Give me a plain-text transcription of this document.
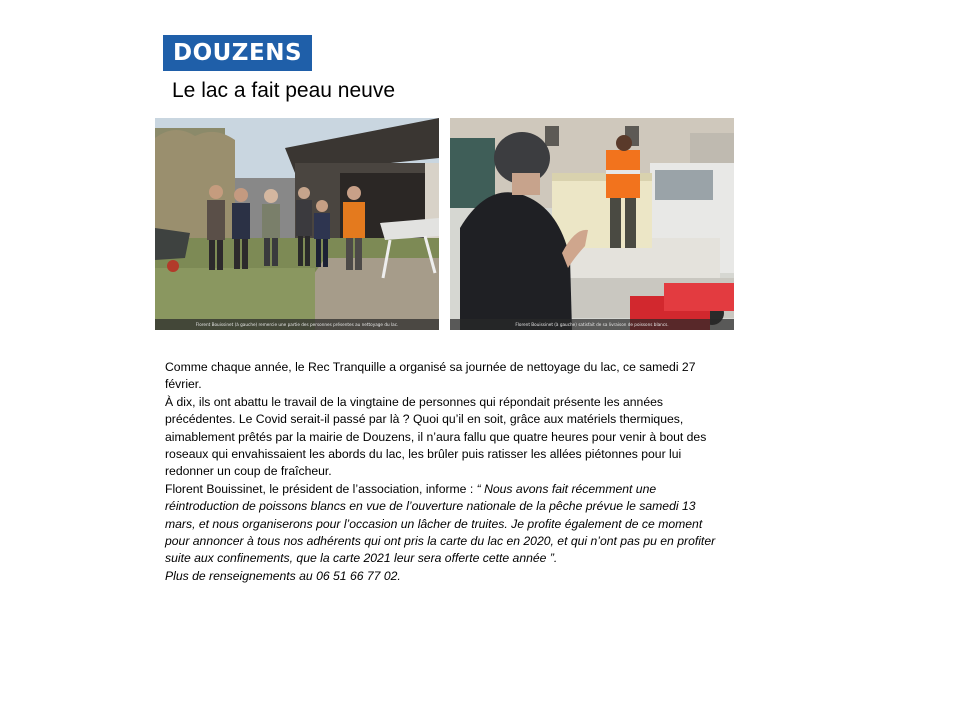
DOUZENS
Le lac a fait peau neuve
Florent Bouissinet (à gauche) remercie une partie des personnes présentes au nettoyage du lac.	Florent Bouissinet (à gauche) satisfait de sa livraison de poissons blancs.

Comme chaque année, le Rec Tranquille a organisé sa journée de nettoyage du lac, ce samedi 27 février.

À dix, ils ont abattu le travail de la vingtaine de personnes qui répondait présente les années précédentes. Le Covid serait-il passé par là ? Quoi qu’il en soit, grâce aux matériels thermiques, aimablement prêtés par la mairie de Douzens, il n’aura fallu que quatre heures pour venir à bout des roseaux qui envahissaient les abords du lac, les brûler puis ratisser les allées piétonnes pour lui redonner un coup de fraîcheur.

Florent Bouissinet, le président de l’association, informe : “ Nous avons fait récemment une réintroduction de poissons blancs en vue de l’ouverture nationale de la pêche prévue le samedi 13 mars, et nous organiserons pour l’occasion un lâcher de truites. Je profite également de ce moment pour annoncer à tous nos adhérents qui ont pris la carte du lac en 2020, et qui n’ont pas pu en profiter suite aux confinements, que la carte 2021 leur sera offerte cette année ”.

Plus de renseignements au 06 51 66 77 02.
